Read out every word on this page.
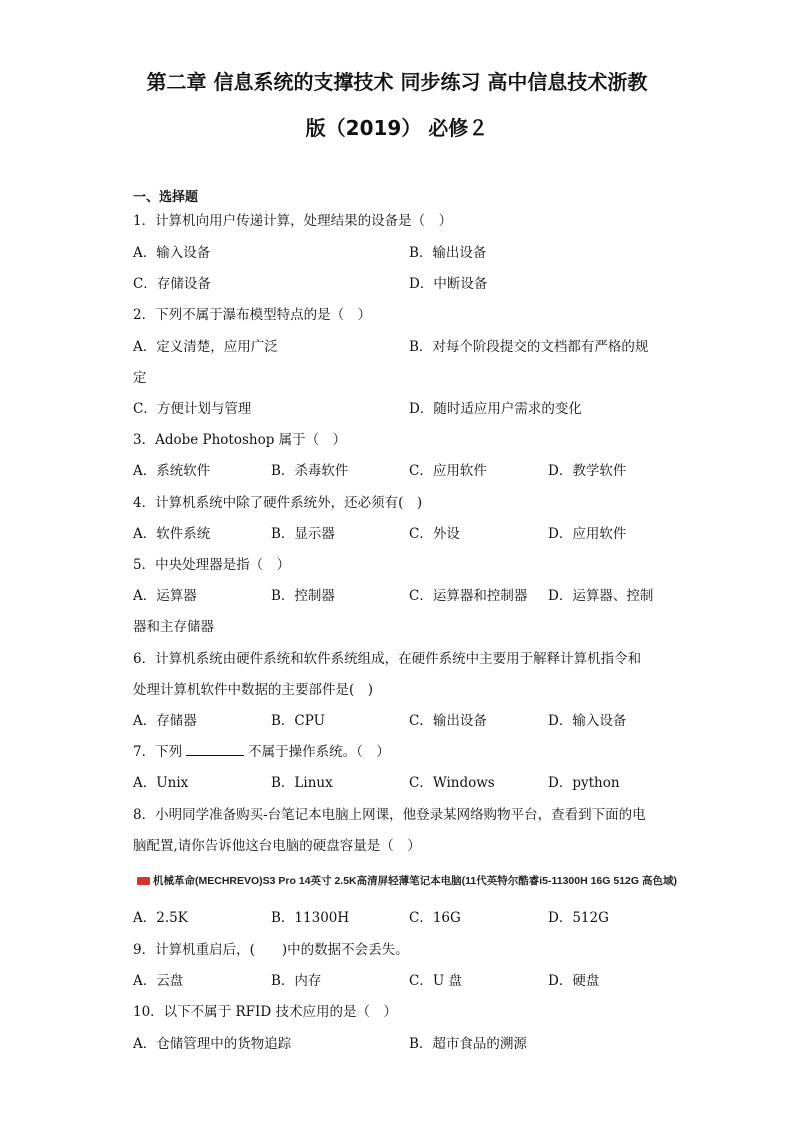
第二章 信息系统的支撑技术 同步练习 高中信息技术浙教
版（2019） 必修２
一、选择题
1．计算机向用户传递计算，处理结果的设备是（　）
A．输入设备	B．输出设备
C．存储设备	D．中断设备
2．下列不属于瀑布模型特点的是（　）
A．定义清楚，应用广泛	B．对每个阶段提交的文档都有严格的规
定
C．方便计划与管理	D．随时适应用户需求的变化
3．Adobe Photoshop 属于（　）
A．系统软件	B．杀毒软件	C．应用软件	D．教学软件
4．计算机系统中除了硬件系统外，还必须有(　)
A．软件系统	B．显示器	C．外设	D．应用软件
5．中央处理器是指（　）
A．运算器	B．控制器	C．运算器和控制器 D．运算器、控制
器和主存储器
6．计算机系统由硬件系统和软件系统组成，在硬件系统中主要用于解释计算机指令和
处理计算机软件中数据的主要部件是(　)
A．存储器	B．CPU	C．输出设备	D．输入设备
7．下列	不属于操作系统。（　）
A．Unix	B．Linux	C．Windows	D．python
8．小明同学准备购买-台笔记本电脑上网课，他登录某网络购物平台，查看到下面的电
脑配置,请你告诉他这台电脑的硬盘容量是（　）
机械革命(MECHREVO)S3 Pro 14英寸 2.5K高清屏轻薄笔记本电脑(11代英特尔酷睿i5-11300H 16G 512G 高色域)
A．2.5K	B．11300H	C．16G	D．512G
9．计算机重启后，(　　)中的数据不会丢失。
A．云盘	B．内存	C．U 盘	D．硬盘
10．以下不属于 RFID 技术应用的是（　）
A．仓储管理中的货物追踪	B．超市食品的溯源
